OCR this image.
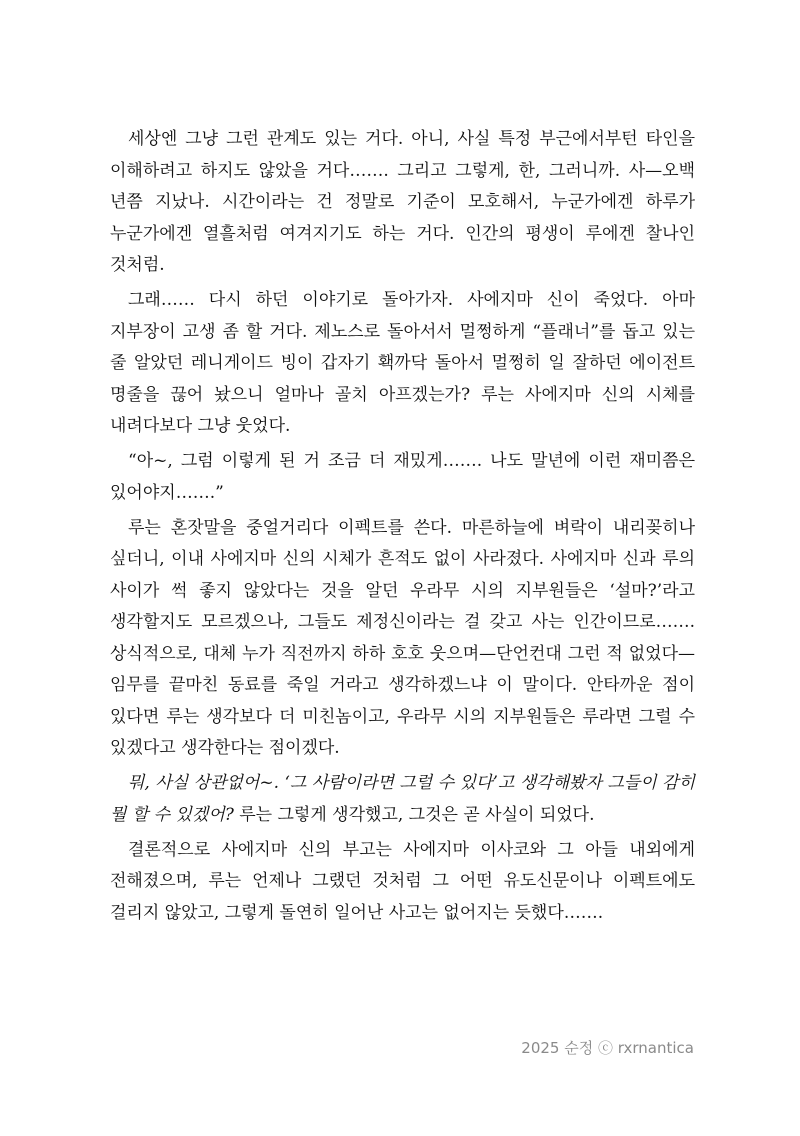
세상엔 그냥 그런 관계도 있는 거다. 아니, 사실 특정 부근에서부턴 타인을 이해하려고 하지도 않았을 거다……. 그리고 그렇게, 한, 그러니까. 사—오백 년쯤 지났나. 시간이라는 건 정말로 기준이 모호해서, 누군가에겐 하루가 누군가에겐 열흘처럼 여겨지기도 하는 거다. 인간의 평생이 루에겐 찰나인 것처럼.

그래…… 다시 하던 이야기로 돌아가자. 사에지마 신이 죽었다. 아마 지부장이 고생 좀 할 거다. 제노스로 돌아서서 멀쩡하게 “플래너”를 돕고 있는 줄 알았던 레니게이드 빙이 갑자기 홱까닥 돌아서 멀쩡히 일 잘하던 에이전트 명줄을 끊어 놨으니 얼마나 골치 아프겠는가? 루는 사에지마 신의 시체를 내려다보다 그냥 웃었다.

“아~, 그럼 이렇게 된 거 조금 더 재밌게……. 나도 말년에 이런 재미쯤은 있어야지…….”

루는 혼잣말을 중얼거리다 이펙트를 쓴다. 마른하늘에 벼락이 내리꽂히나 싶더니, 이내 사에지마 신의 시체가 흔적도 없이 사라졌다. 사에지마 신과 루의 사이가 썩 좋지 않았다는 것을 알던 우라무 시의 지부원들은 ‘설마?’라고 생각할지도 모르겠으나, 그들도 제정신이라는 걸 갖고 사는 인간이므로……. 상식적으로, 대체 누가 직전까지 하하 호호 웃으며—단언컨대 그런 적 없었다— 임무를 끝마친 동료를 죽일 거라고 생각하겠느냐 이 말이다. 안타까운 점이 있다면 루는 생각보다 더 미친놈이고, 우라무 시의 지부원들은 루라면 그럴 수 있겠다고 생각한다는 점이겠다.

뭐, 사실 상관없어~. ‘그 사람이라면 그럴 수 있다’고 생각해봤자 그들이 감히 뭘 할 수 있겠어? 루는 그렇게 생각했고, 그것은 곧 사실이 되었다.

결론적으로 사에지마 신의 부고는 사에지마 이사코와 그 아들 내외에게 전해졌으며, 루는 언제나 그랬던 것처럼 그 어떤 유도신문이나 이펙트에도 걸리지 않았고, 그렇게 돌연히 일어난 사고는 없어지는 듯했다…….

2025 순정 ⓒ rxrnantica
